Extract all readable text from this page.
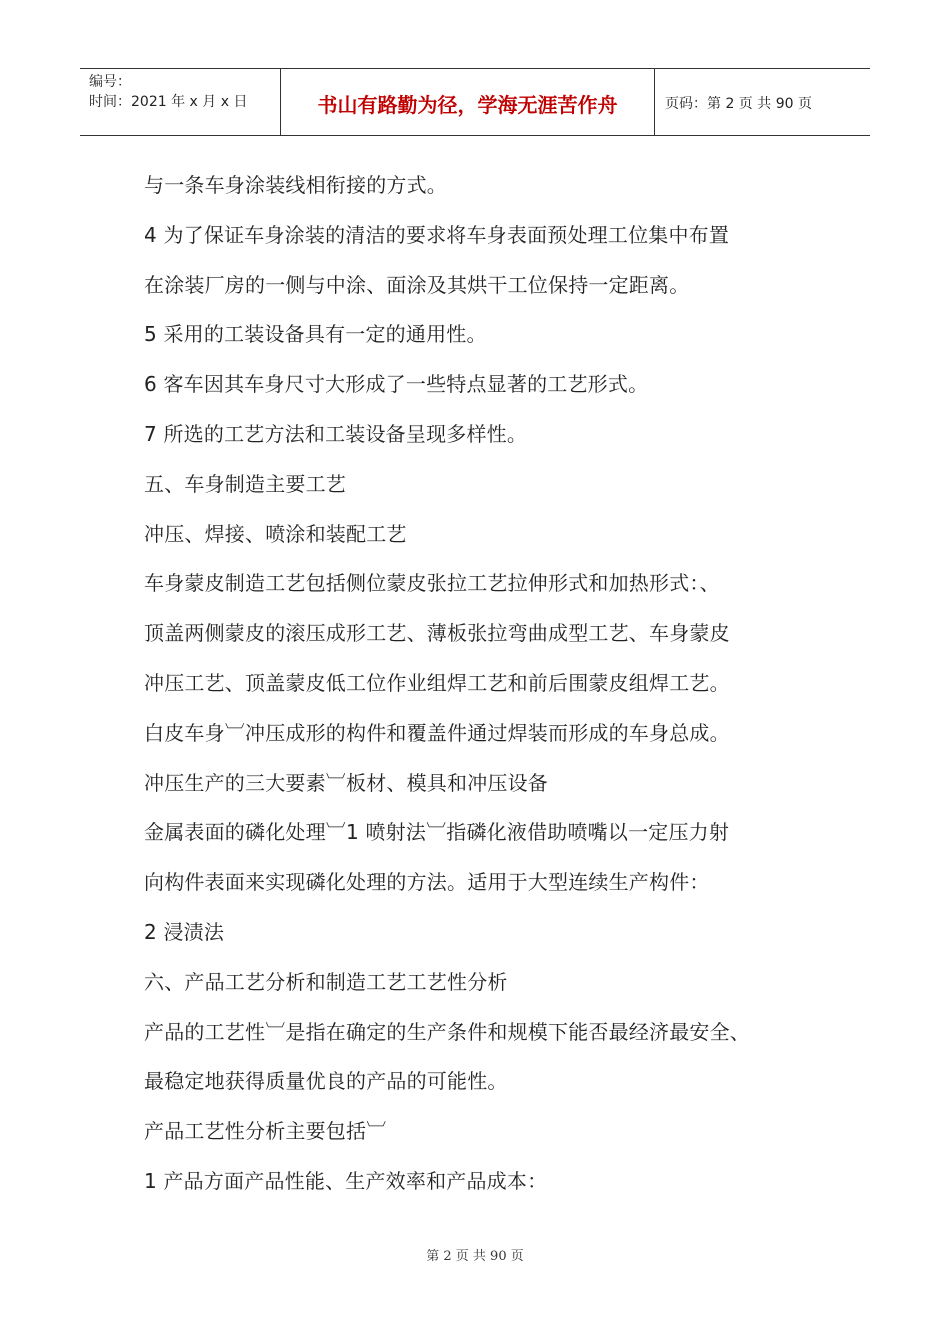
编号：
时间：2021 年 x 月 x 日	书山有路勤为径，学海无涯苦作舟	页码：第 2 页 共 90 页
与一条车身涂装线相衔接的方式。
4 为了保证车身涂装的清洁的要求将车身表面预处理工位集中布置
在涂装厂房的一侧与中涂、面涂及其烘干工位保持一定距离。
5 采用的工装设备具有一定的通用性。
6 客车因其车身尺寸大形成了一些特点显著的工艺形式。
7 所选的工艺方法和工装设备呈现多样性。
五、车身制造主要工艺
冲压、焊接、喷涂和装配工艺
车身蒙皮制造工艺包括侧位蒙皮张拉工艺拉伸形式和加热形式：、
顶盖两侧蒙皮的滚压成形工艺、薄板张拉弯曲成型工艺、车身蒙皮
冲压工艺、顶盖蒙皮低工位作业组焊工艺和前后围蒙皮组焊工艺。
白皮车身︺冲压成形的构件和覆盖件通过焊装而形成的车身总成。
冲压生产的三大要素︺板材、模具和冲压设备
金属表面的磷化处理︺1 喷射法︺指磷化液借助喷嘴以一定压力射
向构件表面来实现磷化处理的方法。适用于大型连续生产构件：
2 浸渍法
六、产品工艺分析和制造工艺工艺性分析
产品的工艺性︺是指在确定的生产条件和规模下能否最经济最安全、
最稳定地获得质量优良的产品的可能性。
产品工艺性分析主要包括︺
1 产品方面产品性能、生产效率和产品成本：
第 2 页 共 90 页
